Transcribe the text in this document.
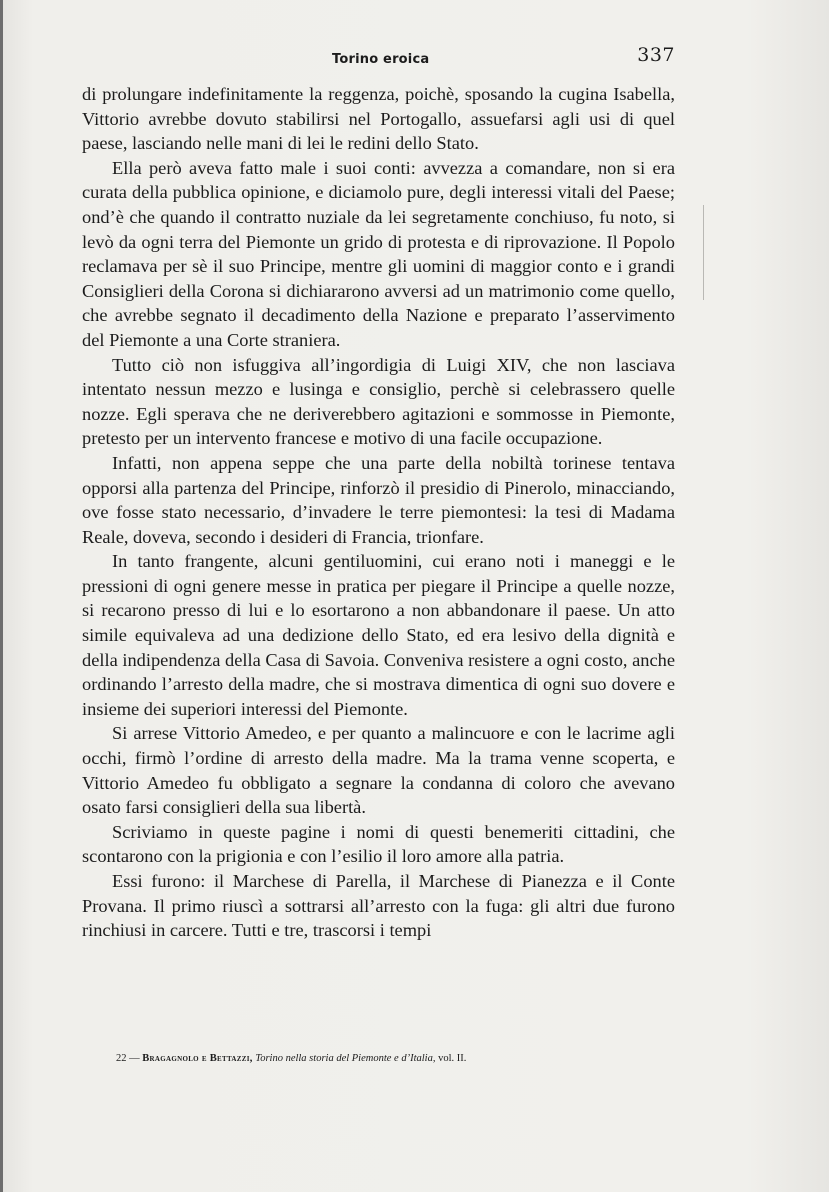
Torino eroica	337

di prolungare indefinitamente la reggenza, poichè, sposando la cugina Isabella, Vittorio avrebbe dovuto stabilirsi nel Portogallo, assuefarsi agli usi di quel paese, lasciando nelle mani di lei le redini dello Stato.

Ella però aveva fatto male i suoi conti: avvezza a comandare, non si era curata della pubblica opinione, e diciamolo pure, degli interessi vitali del Paese; ond’è che quando il contratto nuziale da lei segretamente conchiuso, fu noto, si levò da ogni terra del Piemonte un grido di protesta e di riprovazione. Il Popolo reclamava per sè il suo Principe, mentre gli uomini di maggior conto e i grandi Consiglieri della Corona si dichiararono avversi ad un matrimonio come quello, che avrebbe segnato il decadimento della Nazione e preparato l’asservimento del Piemonte a una Corte straniera.

Tutto ciò non isfuggiva all’ingordigia di Luigi XIV, che non lasciava intentato nessun mezzo e lusinga e consiglio, perchè si celebrassero quelle nozze. Egli sperava che ne deriverebbero agitazioni e sommosse in Piemonte, pretesto per un intervento francese e motivo di una facile occupazione.

Infatti, non appena seppe che una parte della nobiltà torinese tentava opporsi alla partenza del Principe, rinforzò il presidio di Pinerolo, minacciando, ove fosse stato necessario, d’invadere le terre piemontesi: la tesi di Madama Reale, doveva, secondo i desideri di Francia, trionfare.

In tanto frangente, alcuni gentiluomini, cui erano noti i maneggi e le pressioni di ogni genere messe in pratica per piegare il Principe a quelle nozze, si recarono presso di lui e lo esortarono a non abbandonare il paese. Un atto simile equivaleva ad una dedizione dello Stato, ed era lesivo della dignità e della indipendenza della Casa di Savoia. Conveniva resistere a ogni costo, anche ordinando l’arresto della madre, che si mostrava dimentica di ogni suo dovere e insieme dei superiori interessi del Piemonte.

Si arrese Vittorio Amedeo, e per quanto a malincuore e con le lacrime agli occhi, firmò l’ordine di arresto della madre. Ma la trama venne scoperta, e Vittorio Amedeo fu obbligato a segnare la condanna di coloro che avevano osato farsi consiglieri della sua libertà.

Scriviamo in queste pagine i nomi di questi benemeriti cittadini, che scontarono con la prigionia e con l’esilio il loro amore alla patria.

Essi furono: il Marchese di Parella, il Marchese di Pianezza e il Conte Provana. Il primo riuscì a sottrarsi all’arresto con la fuga: gli altri due furono rinchiusi in carcere. Tutti e tre, trascorsi i tempi

22 — Bragagnolo e Bettazzi, Torino nella storia del Piemonte e d’Italia, vol. II.
